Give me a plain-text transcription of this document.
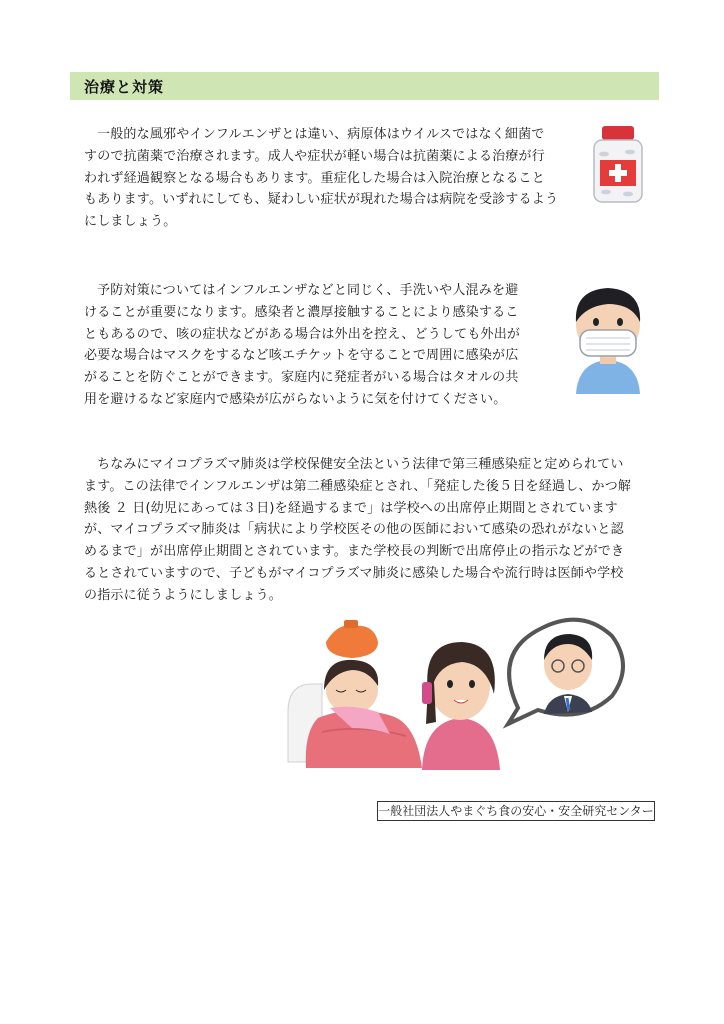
治療と対策
一般的な風邪やインフルエンザとは違い、病原体はウイルスではなく細菌で
すので抗菌薬で治療されます。成人や症状が軽い場合は抗菌薬による治療が行
われず経過観察となる場合もあります。重症化した場合は入院治療となること
もあります。いずれにしても、疑わしい症状が現れた場合は病院を受診するよう
にしましょう。
予防対策についてはインフルエンザなどと同じく、手洗いや人混みを避
けることが重要になります。感染者と濃厚接触することにより感染するこ
ともあるので、咳の症状などがある場合は外出を控え、どうしても外出が
必要な場合はマスクをするなど咳エチケットを守ることで周囲に感染が広
がることを防ぐことができます。家庭内に発症者がいる場合はタオルの共
用を避けるなど家庭内で感染が広がらないように気を付けてください。
ちなみにマイコプラズマ肺炎は学校保健安全法という法律で第三種感染症と定められてい
ます。この法律でインフルエンザは第二種感染症とされ、「発症した後５日を経過し、かつ解
熱後 ２ 日(幼児にあっては３日)を経過するまで」は学校への出席停止期間とされています
が、マイコプラズマ肺炎は「病状により学校医その他の医師において感染の恐れがないと認
めるまで」が出席停止期間とされています。また学校長の判断で出席停止の指示などができ
るとされていますので、子どもがマイコプラズマ肺炎に感染した場合や流行時は医師や学校
の指示に従うようにしましょう。
一般社団法人やまぐち食の安心・安全研究センター
